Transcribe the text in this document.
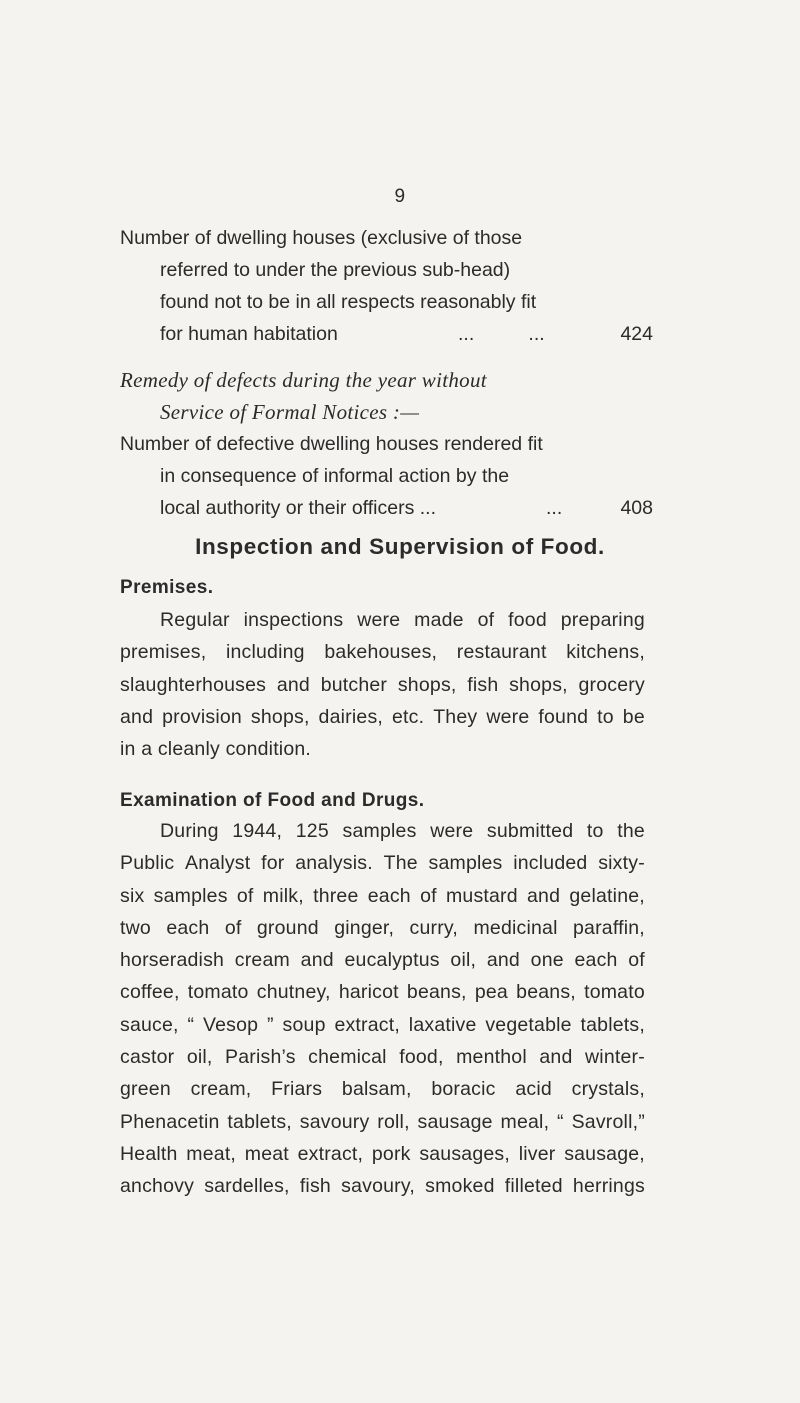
9
Number of dwelling houses (exclusive of those
referred to under the previous sub-head)
found not to be in all respects reasonably fit
for human habitation	...          ...	424
Remedy of defects during the year without
Service of Formal Notices :—
Number of defective dwelling houses rendered fit
in consequence of informal action by the
local authority or their officers ...	...	408
Inspection and Supervision of Food.
Premises.
Regular inspections were made of food preparing
premises, including bakehouses, restaurant kitchens,
slaughterhouses and butcher shops, fish shops, grocery
and provision shops, dairies, etc. They were found to be
in a cleanly condition.
Examination of Food and Drugs.
During 1944, 125 samples were submitted to the
Public Analyst for analysis. The samples included sixty-
six samples of milk, three each of mustard and gelatine,
two each of ground ginger, curry, medicinal paraffin,
horseradish cream and eucalyptus oil, and one each of
coffee, tomato chutney, haricot beans, pea beans, tomato
sauce, “ Vesop ” soup extract, laxative vegetable tablets,
castor oil, Parish’s chemical food, menthol and winter-
green cream, Friars balsam, boracic acid crystals,
Phenacetin tablets, savoury roll, sausage meal, “ Savroll,”
Health meat, meat extract, pork sausages, liver sausage,
anchovy sardelles, fish savoury, smoked filleted herrings
